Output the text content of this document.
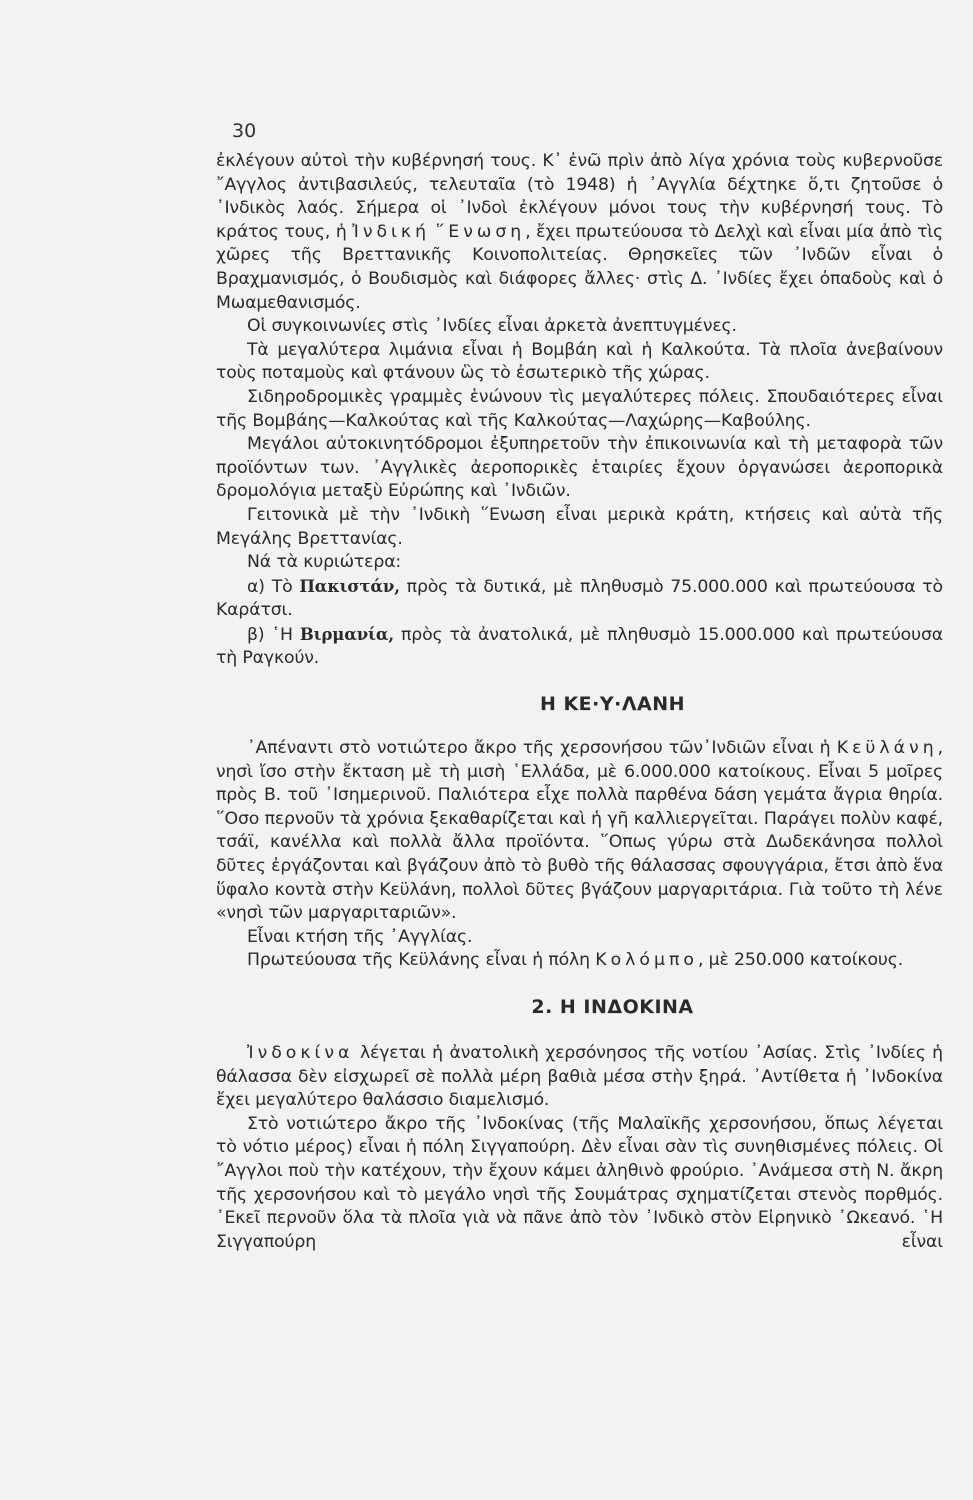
30

ἐκλέγουν αὐτοὶ τὴν κυβέρνησή τους. Κ᾽ ἐνῶ πρὶν ἀπὸ λίγα χρόνια τοὺς κυβερνοῦσε ῎Αγγλος ἀντιβασιλεύς, τελευταῖα (τὸ 1948) ἡ ᾽Αγγλία δέχτηκε ὅ,τι ζητοῦσε ὁ ᾽Ινδικὸς λαός. Σήμερα οἱ ᾽Ινδοὶ ἐκλέγουν μόνοι τους τὴν κυβέρνησή τους. Τὸ κράτος τους, ἡ Ἰνδική ῞Ενωση, ἔχει πρωτεύουσα τὸ Δελχὶ καὶ εἶναι μία ἀπὸ τὶς χῶρες τῆς Βρεττανικῆς Κοινοπολιτείας. Θρησκεῖες τῶν ᾽Ινδῶν εἶναι ὁ Βραχμανισμός, ὁ Βουδισμὸς καὶ διάφορες ἄλλες· στὶς Δ. ᾽Ινδίες ἔχει ὀπαδοὺς καὶ ὁ Μωαμεθανισμός.

Οἱ συγκοινωνίες στὶς ᾽Ινδίες εἶναι ἀρκετὰ ἀνεπτυγμένες.

Τὰ μεγαλύτερα λιμάνια εἶναι ἡ Βομβάη καὶ ἡ Καλκούτα. Τὰ πλοῖα ἀνεβαίνουν τοὺς ποταμοὺς καὶ φτάνουν ὣς τὸ ἐσωτερικὸ τῆς χώρας.

Σιδηροδρομικὲς γραμμὲς ἑνώνουν τὶς μεγαλύτερες πόλεις. Σπουδαιότερες εἶναι τῆς Βομβάης—Καλκούτας καὶ τῆς Καλκούτας—Λαχώρης—Καβούλης.

Μεγάλοι αὐτοκινητόδρομοι ἐξυπηρετοῦν τὴν ἐπικοινωνία καὶ τὴ μεταφορὰ τῶν προϊόντων των. ᾽Αγγλικὲς ἀεροπορικὲς ἑταιρίες ἔχουν ὀργανώσει ἀεροπορικὰ δρομολόγια μεταξὺ Εὐρώπης καὶ ᾽Ινδιῶν.

Γειτονικὰ μὲ τὴν ᾽Ινδικὴ ῞Ενωση εἶναι μερικὰ κράτη, κτήσεις καὶ αὐτὰ τῆς Μεγάλης Βρεττανίας.

Νά τὰ κυριώτερα:

α) Τὸ Πακιστάν, πρὸς τὰ δυτικά, μὲ πληθυσμὸ 75.000.000 καὶ πρωτεύουσα τὸ Καράτσι.

β) ῾Η Βιρμανία, πρὸς τὰ ἀνατολικά, μὲ πληθυσμὸ 15.000.000 καὶ πρωτεύουσα τὴ Ραγκούν.

Η ΚΕ·Υ·ΛΑΝΗ

᾽Απέναντι στὸ νοτιώτερο ἄκρο τῆς χερσονήσου τῶν᾽Ινδιῶν εἶναι ἡ Κεϋλάνη, νησὶ ἴσο στὴν ἔκταση μὲ τὴ μισὴ ῾Ελλάδα, μὲ 6.000.000 κατοίκους. Εἶναι 5 μοῖρες πρὸς Β. τοῦ ᾽Ισημερινοῦ. Παλιότερα εἶχε πολλὰ παρθένα δάση γεμάτα ἄγρια θηρία. ῞Οσο περνοῦν τὰ χρόνια ξεκαθαρίζεται καὶ ἡ γῆ καλλιεργεῖται. Παράγει πολὺν καφέ, τσάϊ, κανέλλα καὶ πολλὰ ἄλλα προϊόντα. ῞Οπως γύρω στὰ Δωδεκάνησα πολλοὶ δῦτες ἐργάζονται καὶ βγάζουν ἀπὸ τὸ βυθὸ τῆς θάλασσας σφουγγάρια, ἔτσι ἀπὸ ἕνα ὕφαλο κοντὰ στὴν Κεϋλάνη, πολλοὶ δῦτες βγάζουν μαργαριτάρια. Γιὰ τοῦτο τὴ λένε «νησὶ τῶν μαργαριταριῶν».

Εἶναι κτήση τῆς ᾽Αγγλίας.

Πρωτεύουσα τῆς Κεϋλάνης εἶναι ἡ πόλη Κολόμπο, μὲ 250.000 κατοίκους.

2. Η ΙΝΔΟΚΙΝΑ

Ἰνδοκίνα λέγεται ἡ ἀνατολικὴ χερσόνησος τῆς νοτίου ᾽Ασίας. Στὶς ᾽Ινδίες ἡ θάλασσα δὲν εἰσχωρεῖ σὲ πολλὰ μέρη βαθιὰ μέσα στὴν ξηρά. ᾽Αντίθετα ἡ ᾽Ινδοκίνα ἔχει μεγαλύτερο θαλάσσιο διαμελισμό.

Στὸ νοτιώτερο ἄκρο τῆς ᾽Ινδοκίνας (τῆς Μαλαϊκῆς χερσονήσου, ὅπως λέγεται τὸ νότιο μέρος) εἶναι ἡ πόλη Σιγγαπούρη. Δὲν εἶναι σὰν τὶς συνηθισμένες πόλεις. Οἱ ῎Αγγλοι ποὺ τὴν κατέχουν, τὴν ἔχουν κάμει ἀληθινὸ φρούριο. ᾽Ανάμεσα στὴ Ν. ἄκρη τῆς χερσονήσου καὶ τὸ μεγάλο νησὶ τῆς Σουμάτρας σχηματίζεται στενὸς πορθμός. ᾽Εκεῖ περνοῦν ὅλα τὰ πλοῖα γιὰ νὰ πᾶνε ἀπὸ τὸν ᾽Ινδικὸ στὸν Εἰρηνικὸ ᾽Ωκεανό. ῾Η Σιγγαπούρη εἶναι
